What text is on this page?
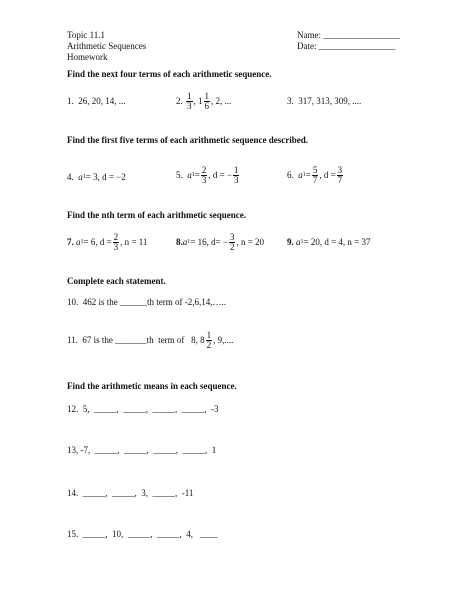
Topic 11.1
Arithmetic Sequences
Homework
Name: _________________
Date: _________________
Find the next four terms of each arithmetic sequence.
1.
26, 20, 14, ...	2.
$\frac{1}{3}$ , $1 \frac{1}{6}$ , 2, ...	3.
317, 313, 309, ....
Find the first five terms of each arithmetic sequence described.
4.
a 1 = 3, d = −2	5.
a $1 = \frac{2}{3}$ , d = − $\frac{1}{3}$	6.
a $1 = \frac{5}{7}$ , $d = \frac{3}{7}$
Find the nth term of each arithmetic sequence.
7.
a 1 = 6, $d = \frac{2}{3}$ , n = 11	8. a 1 = 16, $d= - \frac{3}{2}$ , n = 20	9.
a 1 = 20, d = 4, n = 37
Complete each statement.
10.  462 is the ______th term of -2,6,14,…..
11.  67 is the _______th  term of   8, $8 \frac{1}{2}$ , 9,....
Find the arithmetic means in each sequence.
12.  5,  _____,  _____,  _____,  _____,  -3
13, -7,  _____,  _____,  _____,  _____,  1
14.  _____,  _____,  3,  _____,  -11
15.  _____,  10,  _____,  _____,  4,   ____
